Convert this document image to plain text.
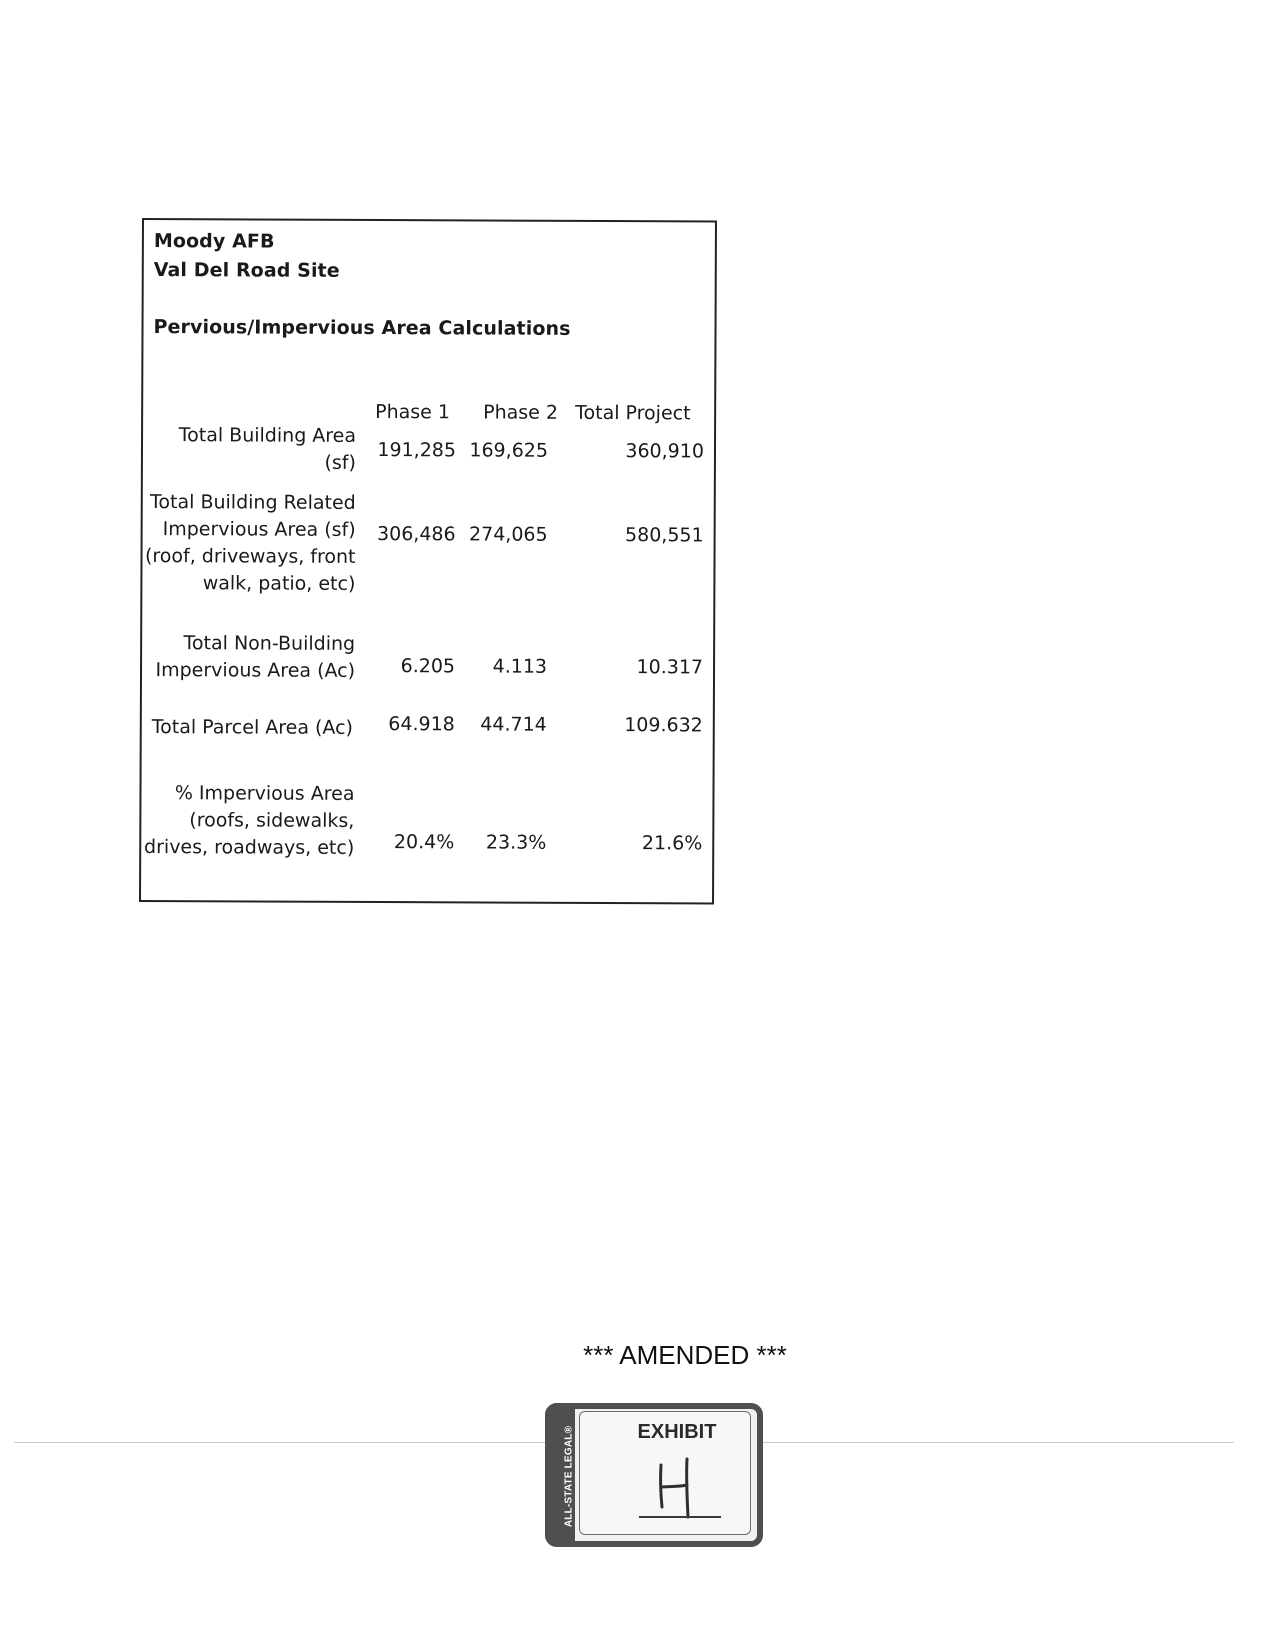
Moody AFB
Val Del Road Site
Pervious/Impervious Area Calculations
Phase 1 Phase 2 Total Project
Total Building Area
(sf)
191,285 169,625	360,910
Total Building Related
Impervious Area (sf)
(roof, driveways, front
walk, patio, etc)
306,486 274,065	580,551
Total Non-Building
Impervious Area (Ac) 6.205 4.113	10.317
Total Parcel Area (Ac)	64.918 44.714	109.632
% Impervious Area
(roofs, sidewalks,
drives, roadways, etc) 20.4% 23.3%	21.6%
*** AMENDED ***
ALL-STATE LEGAL®	EXHIBIT
